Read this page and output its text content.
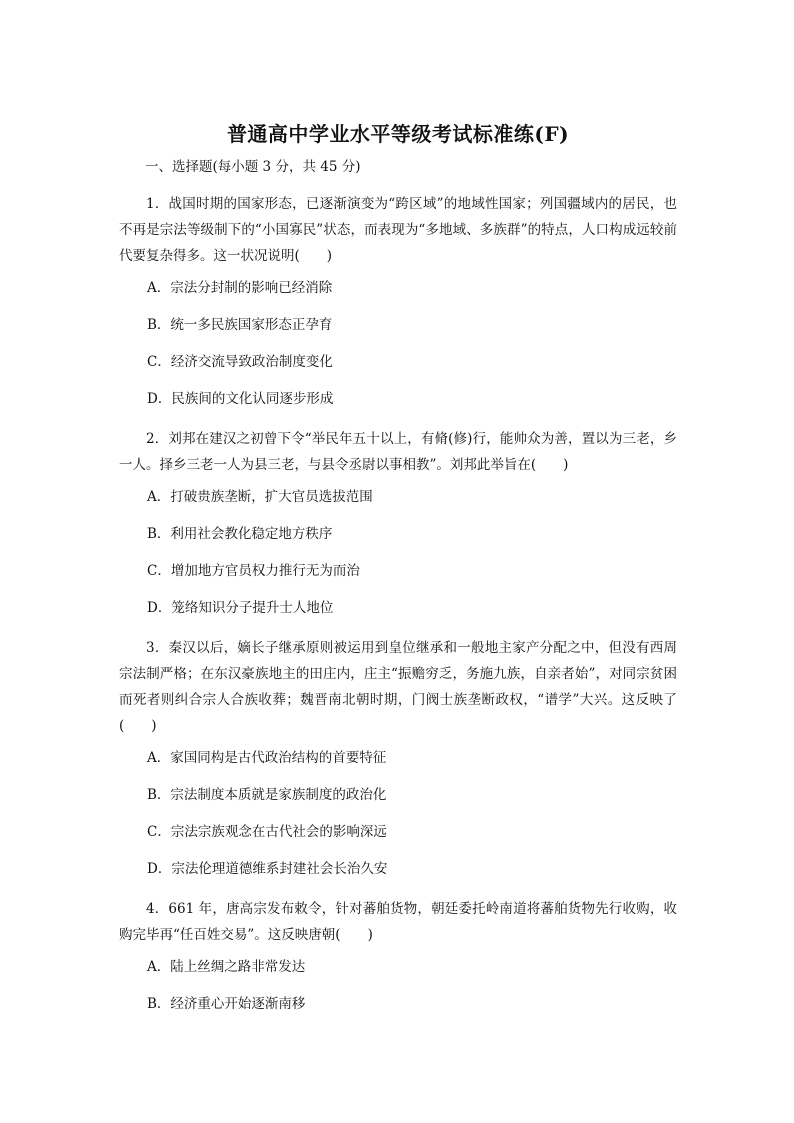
普通高中学业水平等级考试标准练(F)
一、选择题(每小题 3 分，共 45 分)

1．战国时期的国家形态，已逐渐演变为“跨区域”的地域性国家；列国疆域内的居民，也不再是宗法等级制下的“小国寡民”状态，而表现为“多地域、多族群”的特点，人口构成远较前代要复杂得多。这一状况说明(　　)

A．宗法分封制的影响已经消除

B．统一多民族国家形态正孕育

C．经济交流导致政治制度变化

D．民族间的文化认同逐步形成

2．刘邦在建汉之初曾下令“举民年五十以上，有脩(修)行，能帅众为善，置以为三老，乡一人。择乡三老一人为县三老，与县令丞尉以事相教”。刘邦此举旨在(　　)

A．打破贵族垄断，扩大官员选拔范围

B．利用社会教化稳定地方秩序

C．增加地方官员权力推行无为而治

D．笼络知识分子提升士人地位

3．秦汉以后，嫡长子继承原则被运用到皇位继承和一般地主家产分配之中，但没有西周宗法制严格；在东汉豪族地主的田庄内，庄主“振赡穷乏，务施九族，自亲者始”，对同宗贫困而死者则纠合宗人合族收葬；魏晋南北朝时期，门阀士族垄断政权，“谱学”大兴。这反映了(　　)

A．家国同构是古代政治结构的首要特征

B．宗法制度本质就是家族制度的政治化

C．宗法宗族观念在古代社会的影响深远

D．宗法伦理道德维系封建社会长治久安

4．661 年，唐高宗发布敕令，针对蕃舶货物，朝廷委托岭南道将蕃舶货物先行收购，收购完毕再“任百姓交易”。这反映唐朝(　　)

A．陆上丝绸之路非常发达

B．经济重心开始逐渐南移
